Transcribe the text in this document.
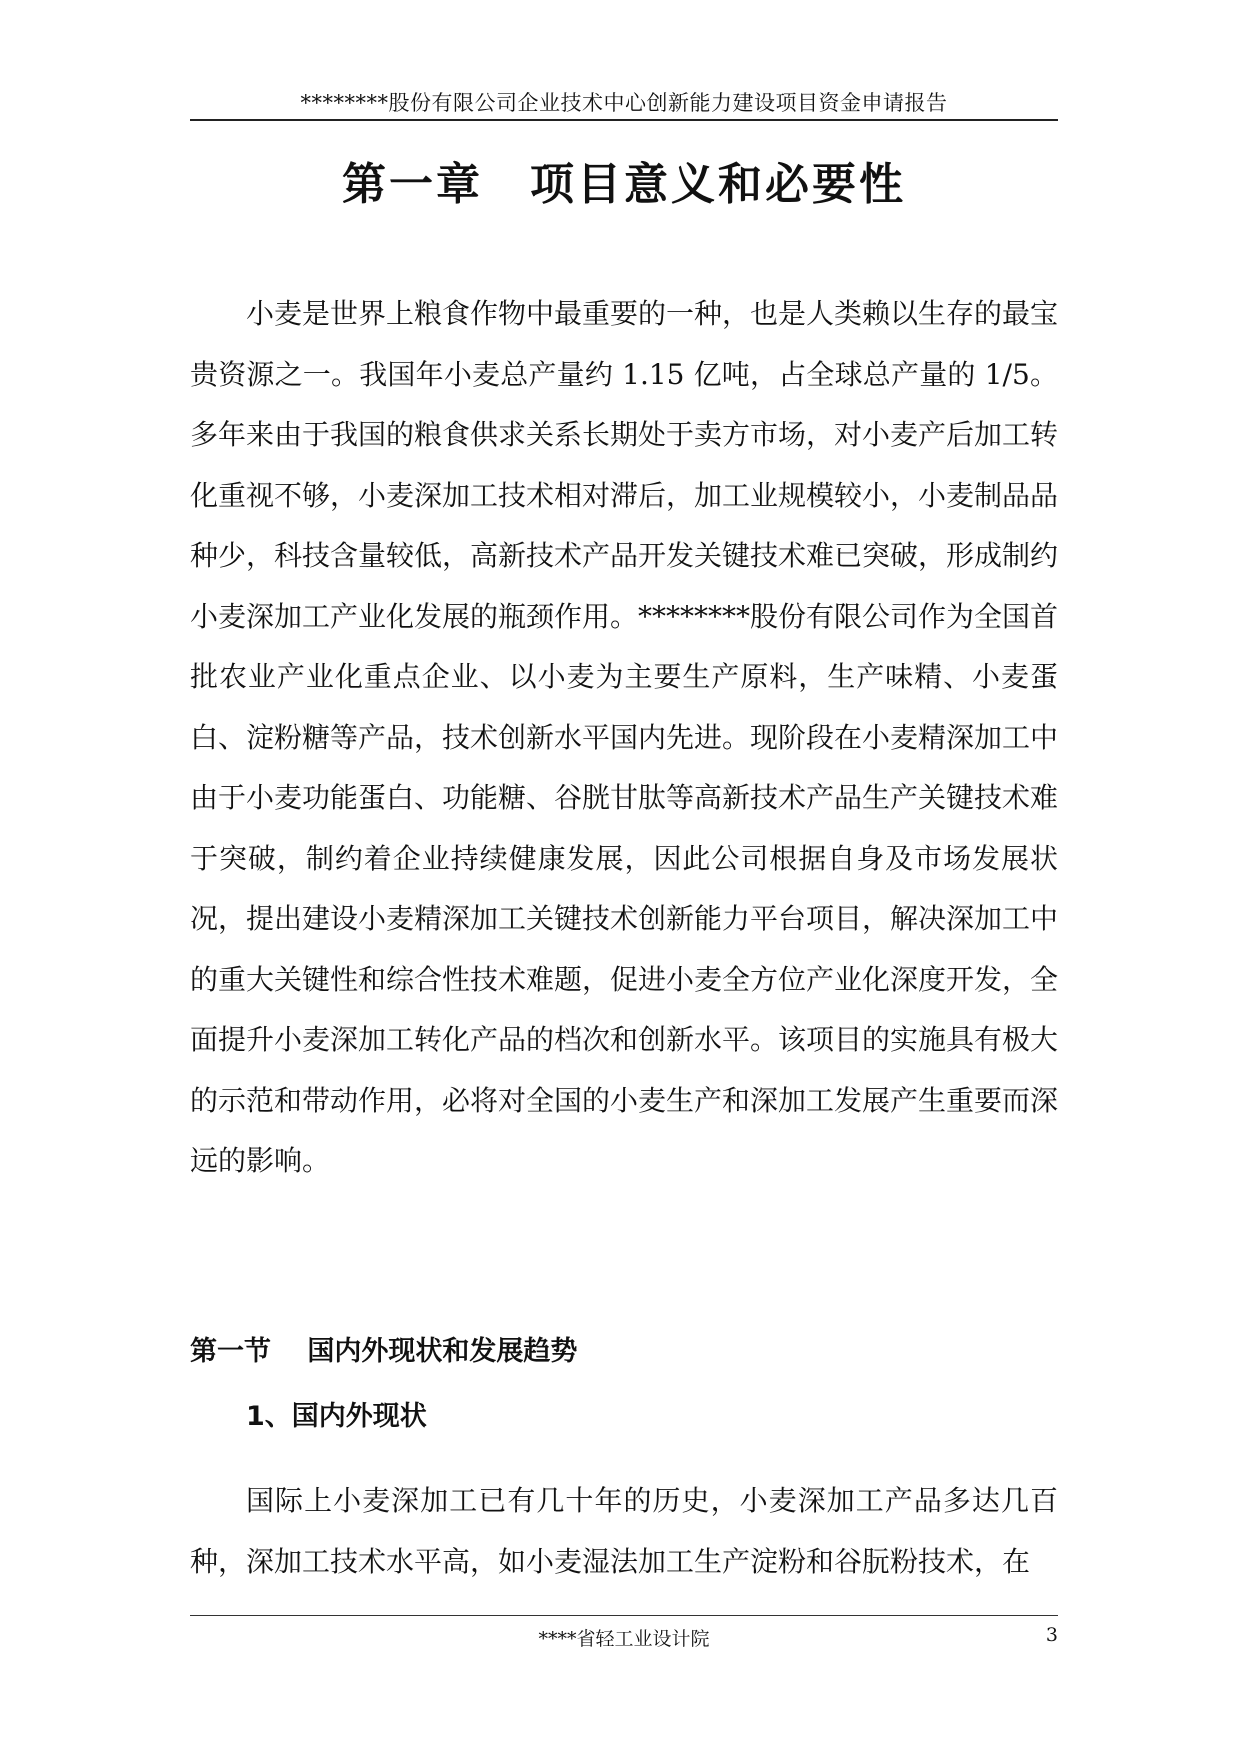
********股份有限公司企业技术中心创新能力建设项目资金申请报告
第一章　项目意义和必要性

小麦是世界上粮食作物中最重要的一种，也是人类赖以生存的最宝贵资源之一。我国年小麦总产量约 1.15 亿吨，占全球总产量的 1/5。多年来由于我国的粮食供求关系长期处于卖方市场，对小麦产后加工转化重视不够，小麦深加工技术相对滞后，加工业规模较小，小麦制品品种少，科技含量较低，高新技术产品开发关键技术难已突破，形成制约小麦深加工产业化发展的瓶颈作用。********股份有限公司作为全国首批农业产业化重点企业、以小麦为主要生产原料，生产味精、小麦蛋白、淀粉糖等产品，技术创新水平国内先进。现阶段在小麦精深加工中由于小麦功能蛋白、功能糖、谷胱甘肽等高新技术产品生产关键技术难于突破，制约着企业持续健康发展，因此公司根据自身及市场发展状况，提出建设小麦精深加工关键技术创新能力平台项目，解决深加工中的重大关键性和综合性技术难题，促进小麦全方位产业化深度开发，全面提升小麦深加工转化产品的档次和创新水平。该项目的实施具有极大的示范和带动作用，必将对全国的小麦生产和深加工发展产生重要而深远的影响。

第一节　 国内外现状和发展趋势
1、国内外现状

国际上小麦深加工已有几十年的历史，小麦深加工产品多达几百种，深加工技术水平高，如小麦湿法加工生产淀粉和谷朊粉技术，在

****省轻工业设计院	3
